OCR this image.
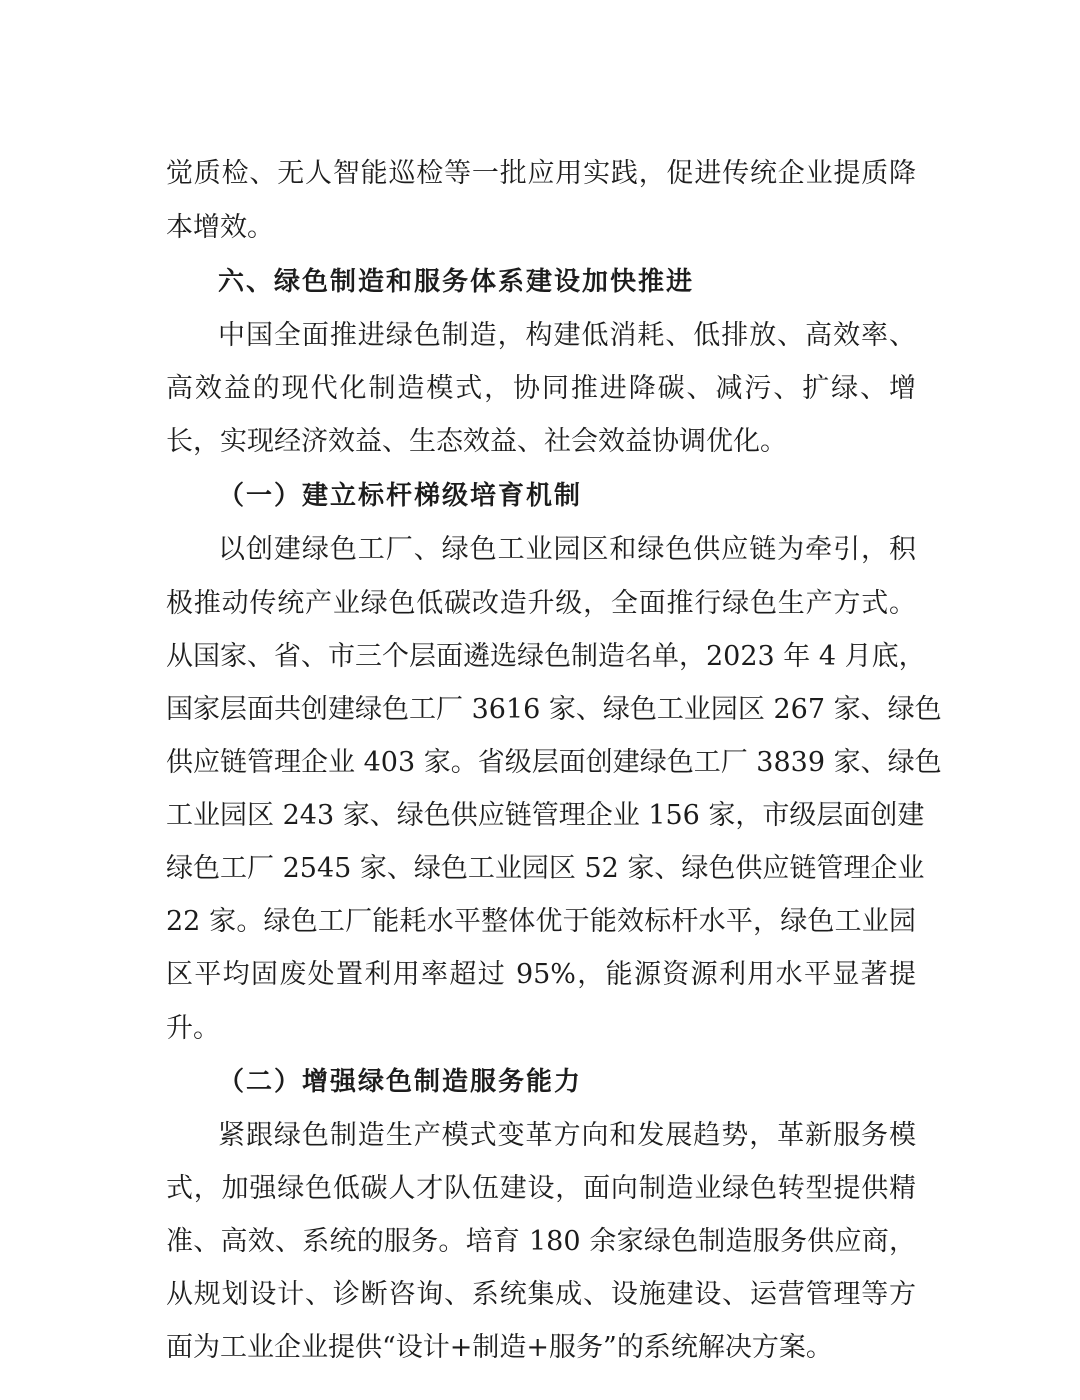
觉质检、无人智能巡检等一批应用实践，促进传统企业提质降
本增效。
六、绿色制造和服务体系建设加快推进
中国全面推进绿色制造，构建低消耗、低排放、高效率、
高效益的现代化制造模式，协同推进降碳、减污、扩绿、增
长，实现经济效益、生态效益、社会效益协调优化。
（一）建立标杆梯级培育机制
以创建绿色工厂、绿色工业园区和绿色供应链为牵引，积
极推动传统产业绿色低碳改造升级，全面推行绿色生产方式。
从国家、省、市三个层面遴选绿色制造名单，2023 年 4 月底，
国家层面共创建绿色工厂 3616 家、绿色工业园区 267 家、绿色
供应链管理企业 403 家。省级层面创建绿色工厂 3839 家、绿色
工业园区 243 家、绿色供应链管理企业 156 家，市级层面创建
绿色工厂 2545 家、绿色工业园区 52 家、绿色供应链管理企业
22 家。绿色工厂能耗水平整体优于能效标杆水平，绿色工业园
区平均固废处置利用率超过 95%，能源资源利用水平显著提
升。
（二）增强绿色制造服务能力
紧跟绿色制造生产模式变革方向和发展趋势，革新服务模
式，加强绿色低碳人才队伍建设，面向制造业绿色转型提供精
准、高效、系统的服务。培育 180 余家绿色制造服务供应商，
从规划设计、诊断咨询、系统集成、设施建设、运营管理等方
面为工业企业提供“设计+制造+服务”的系统解决方案。
